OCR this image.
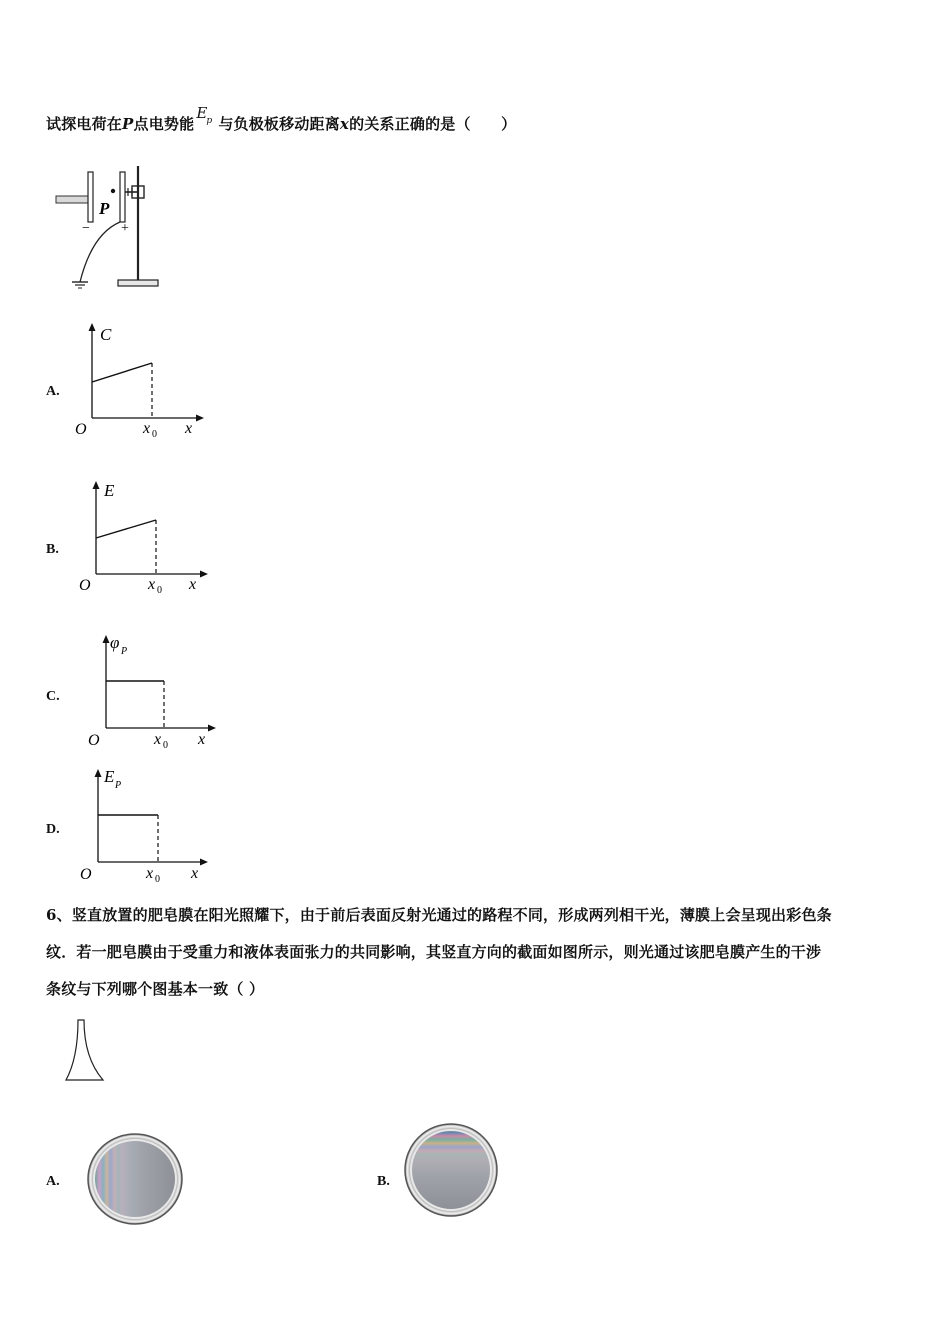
试探电荷在P点电势能
E
p 与负极板移动距离x的关系正确的是（　　）
P
− +
A.
C
O	x 0 x
B.
E
O	x 0 x
C.
φ P
O	x 0 x
D.
E P
O	x 0 x
6、竖直放置的肥皂膜在阳光照耀下，由于前后表面反射光通过的路程不同，形成两列相干光，薄膜上会呈现出彩色条
纹．若一肥皂膜由于受重力和液体表面张力的共同影响，其竖直方向的截面如图所示，则光通过该肥皂膜产生的干涉
条纹与下列哪个图基本一致（ ）
A.	B.
